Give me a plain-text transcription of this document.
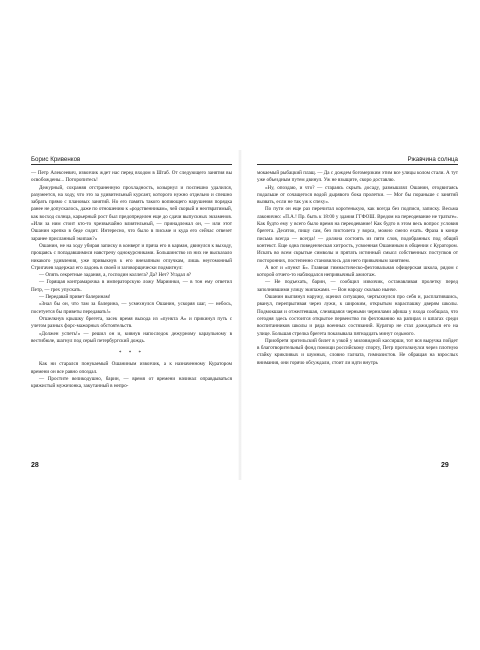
Борис Кривенков

— Петр Алексеевич, извозчик ждет нас перед входом в Штаб. От следующего занятия вы освобождены... Поторопитесь!

Дежурный, сохраняя отстраненную прохладность, козырнул и поспешно удалился, разумеется, на ходу, что это за удивительный курсант, которого нужно отдельно и спешно забрать прямо с плановых занятий. Но его память такого вопиющего нарушения порядка ранее не допускалось, даже по отношению к «родственникам», чей скорый и неотвратимый, как восход солнца, карьерный рост был предопределен еще до сдачи выпускных экзаменов. «Или за ним стоит кто-то чрезвычайно влиятельный, — принадлежал он, — или этот Ошанин крепко в беде сидит. Интересно, что было в письме и куда его сейчас отвезет заранее присланный экипаж?»

Ошанин, не на ходу убирая записку в конверт и пряча его в карман, двинулся к выходу, прощаясь с попадавшимися навстречу однокурсниками. Большинство из них не высказало никакого удивления, уже привыкнув к его внезапным отлучкам, лишь неугомонный Стригачев задержал его ладонь в своей и заговорщически подмигнул:

— Опять секретные задания, а, господин коллега? Да? Нет? Угадал я?

— Горящая контрамарочка в императорскую ложу Мариинки, — в тон ему ответил Петр, — грех упускать.

— Передавай привет балеринам!

«Знал бы он, что там за балерина, — усмехнулся Ошанин, ускоряя шаг, — небось, посетуется бы приветы передавать!»

Отшелкнув крышку брегета, засек время выхода из «пункта А» и прикинул путь с учетом разных форс-мажорных обстоятельств.

«Должен успеть!» — решил он и, кивнув напоследок дежурному караульному в вестибюле, шагнул под серый петербургский дождь.

* * *

Как ни старался понукаемый Ошаниным извозчик, а к назначенному Куратором времени он все равно опоздал.

— Простите великодушно, барин, — время от времени начинал оправдываться кряжистый мужичонка, закутанный в непро-

Ржавчина солнца

мокаемый рыбацкий плащ. — Да с дождем богомерзким этим все улицы колом стали. А тут уже объездным путем двинул. Уж не взыщите, скоро доставлю.

«Ну, опоздаю, и что? — стараясь скрыть досаду, размышлял Ошанин, отодвигаясь подальше от сочащегося водой дырявого бока пролетки. — Мог бы пораньше с занятий вызвать, если не так уж к спеху».

По пути он еще раз перечитал коротенькую, как всегда без подписи, записку. Весьма лаконично: «П.А.! Пр. быть к 18:00 у здания ГГФОШ. Вредом на переодевание не тратьте». Как будто ему у всего было время на переодевание! Как будто в этом весь вопрос условия брегета. Десяток, пишу сам, без пистолета у ворса, можно смело ехать. Фраза в конце письма всегда — всегда! — должна состоять из пяти слов, подобранных под общий контекст. Еще одна поведенческая хитрость, усвоенная Ошаниным в общении с Куратором. Искать во всем скрытые символы и прятать истинный смысл собственных поступков от посторонних, постепенно становилось для него привычным занятием.

А вот и «пункт Б». Главная гимнастическо-фехтовальная офицерская школа, рядом с которой отчего-то наблюдался непривычный ажиотаж.

— Не подъехать, барин, — сообщил извозчик, останавливая пролетку перед заполнившими улицу экипажами. — Вон народу сколько нынче.

Ошанин выглянул наружу, оценил ситуацию, чертыхнулся про себя и, расплатившись, рванул, перепрыгивая через лужи, к широким, открытым нараспашку дверям школы. Подмокшая и отжелтевшая, слезящаяся черными чернилами афиша у входа сообщала, что сегодня здесь состоится открытое первенство по фехтованию на рапирах и шпагах среди воспитанников школы и ряда военных состязаний. Куратор не стал дожидаться его на улице. Большая стрелка брегета показывала пятнадцать минут седьмого.

Приобретя зрительский билет в узкой у миловидной кассирши, тот вся выручка пойдет в благотворительный фонд помощи российскому спорту, Петр протолкнулся через плотную стайку крикливых и шумных, словно галчата, гимназистов. Не обращая на взрослых внимания, они горячо обсуждали, стоит ли идти внутрь

28	29
